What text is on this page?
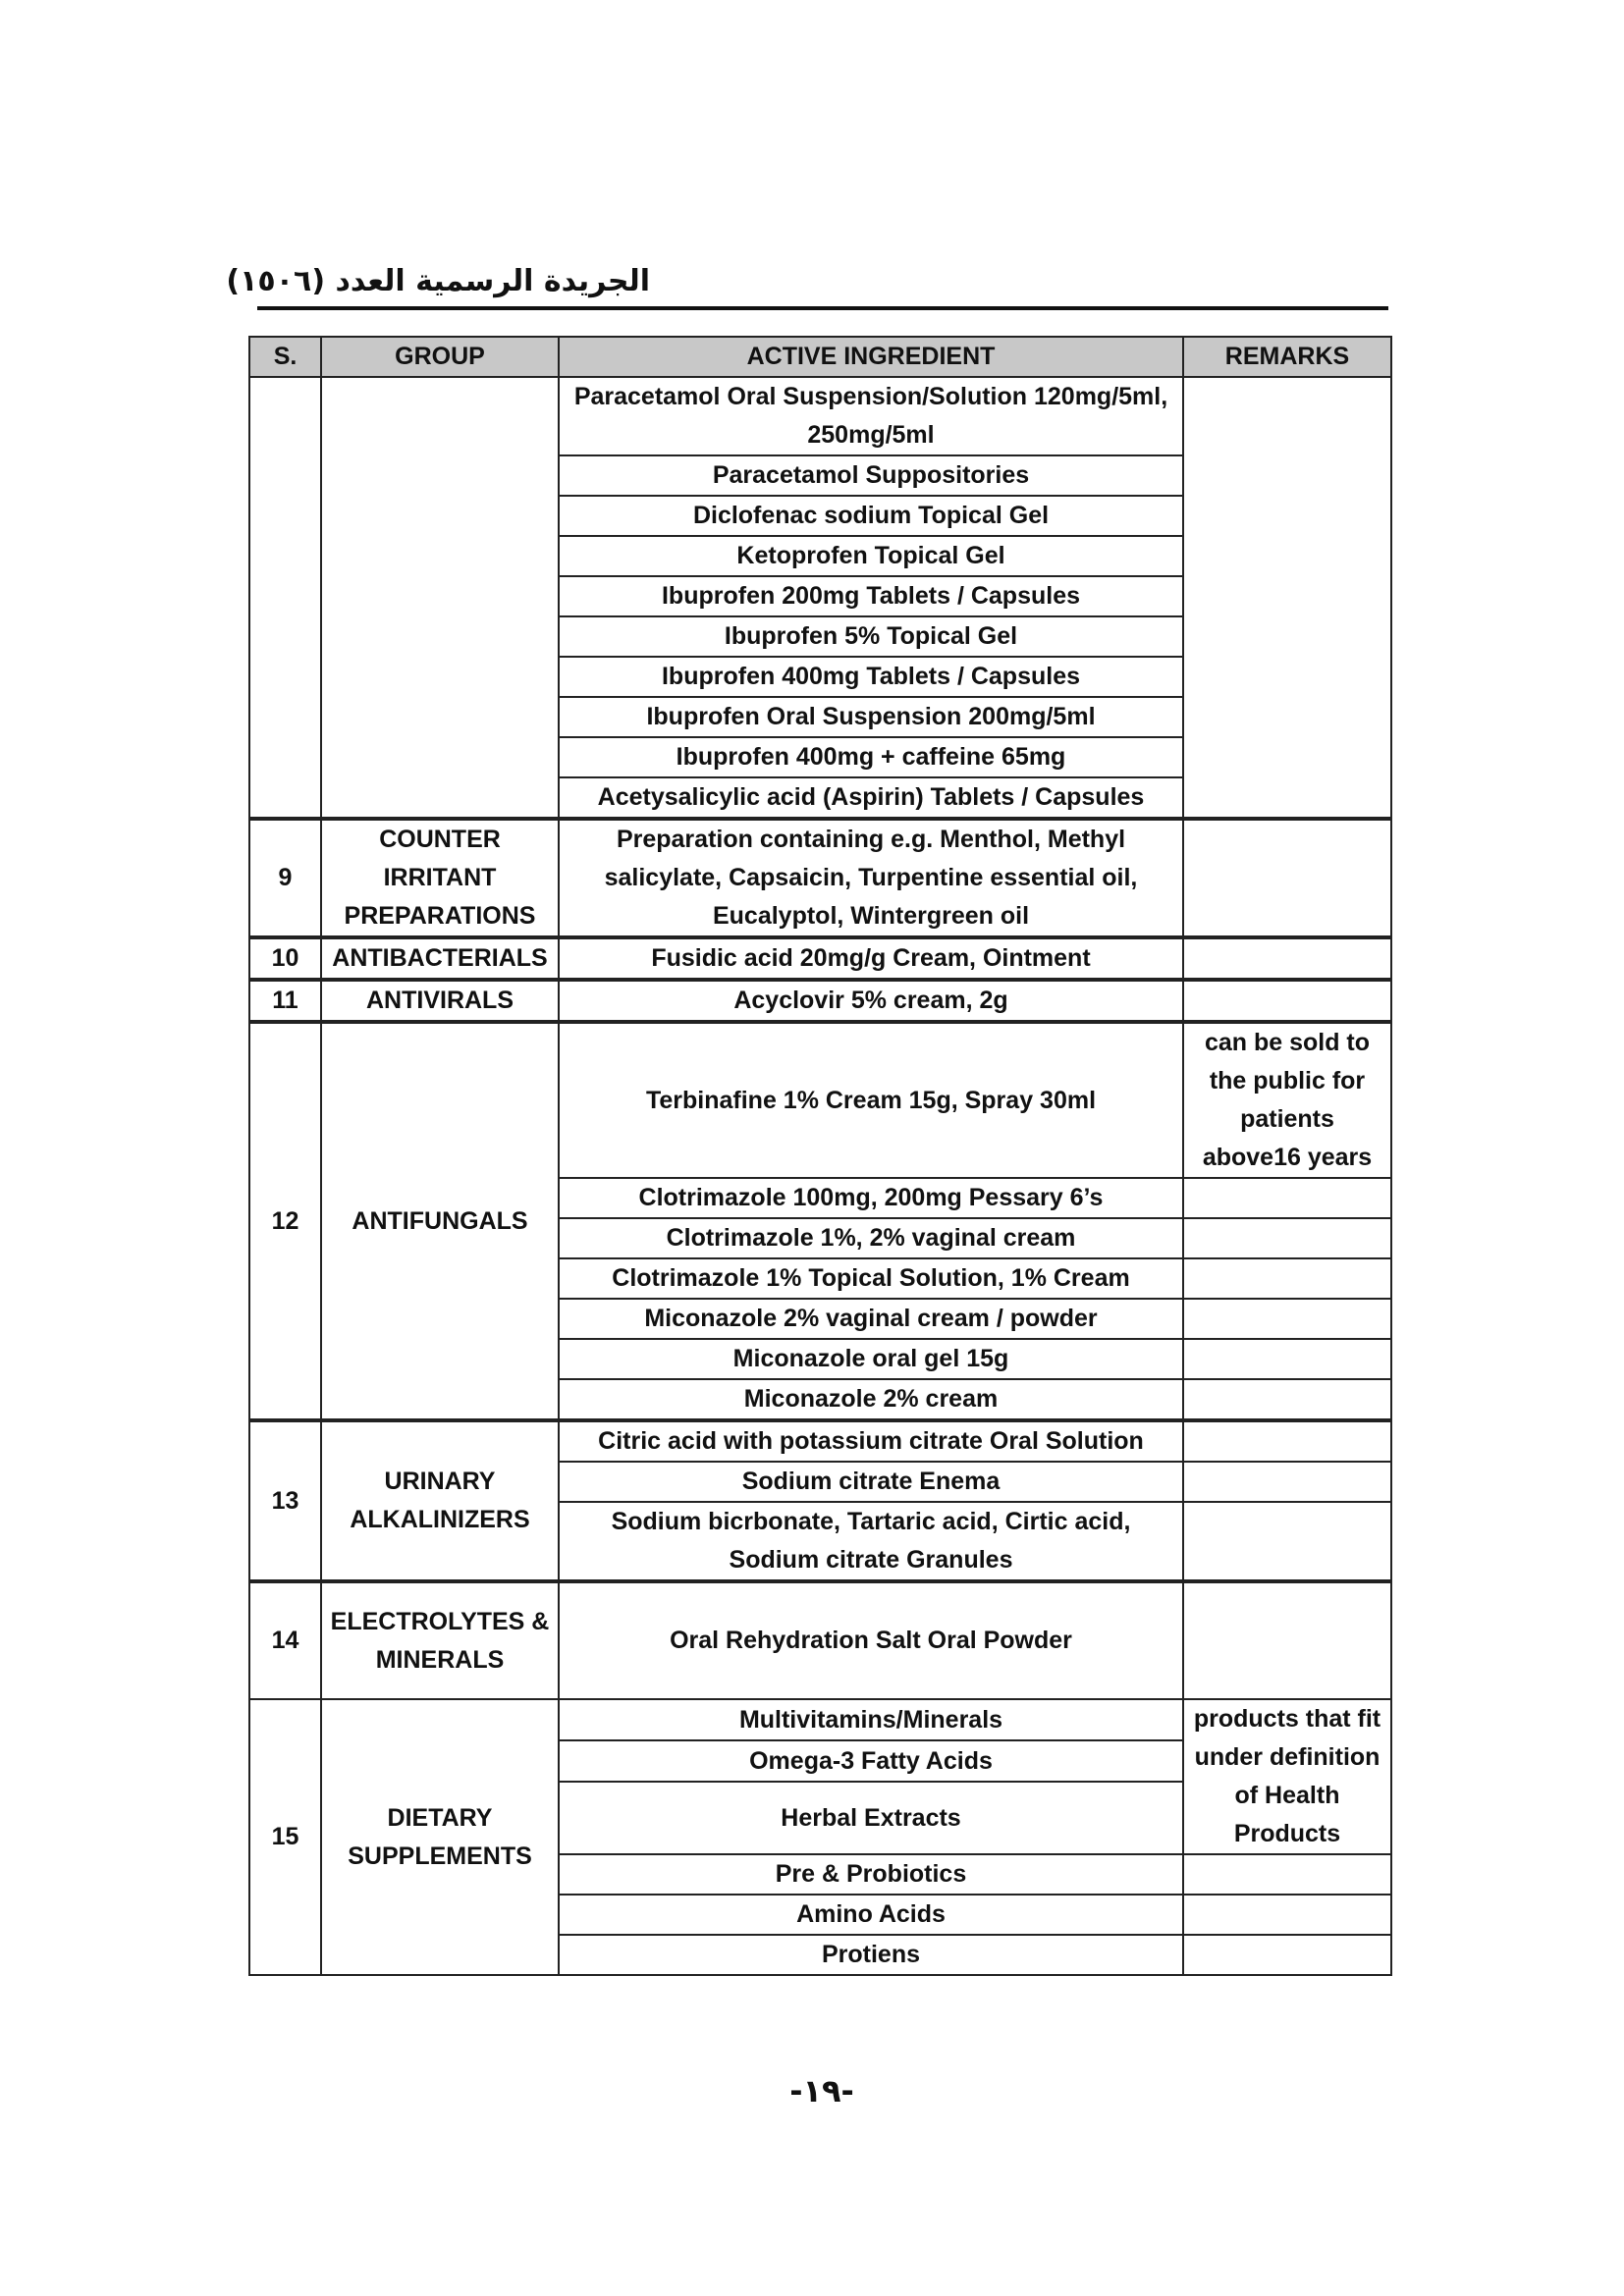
الجريدة الرسمية العدد (١٥٠٦)
S.	GROUP	ACTIVE INGREDIENT	REMARKS
		Paracetamol Oral Suspension/Solution 120mg/5ml, 250mg/5ml	
		Paracetamol Suppositories	
		Diclofenac sodium Topical Gel	
		Ketoprofen Topical Gel	
		Ibuprofen 200mg Tablets / Capsules	
		Ibuprofen 5% Topical Gel	
		Ibuprofen 400mg Tablets / Capsules	
		Ibuprofen Oral Suspension 200mg/5ml	
		Ibuprofen 400mg + caffeine 65mg	
		Acetysalicylic acid (Aspirin) Tablets / Capsules	
9	COUNTER IRRITANT PREPARATIONS	Preparation containing e.g. Menthol, Methyl salicylate, Capsaicin, Turpentine essential oil, Eucalyptol, Wintergreen oil	
10	ANTIBACTERIALS	Fusidic acid 20mg/g Cream, Ointment	
11	ANTIVIRALS	Acyclovir 5% cream, 2g	
12	ANTIFUNGALS	Terbinafine 1% Cream 15g, Spray 30ml	can be sold to the public for patients above16 years
		Clotrimazole 100mg, 200mg Pessary 6’s	
		Clotrimazole 1%, 2% vaginal cream	
		Clotrimazole 1% Topical Solution, 1% Cream	
		Miconazole 2% vaginal cream / powder	
		Miconazole oral gel 15g	
		Miconazole 2% cream	
13	URINARY ALKALINIZERS	Citric acid with potassium citrate Oral Solution	
		Sodium citrate Enema	
		Sodium bicrbonate, Tartaric acid, Cirtic acid, Sodium citrate Granules	
14	ELECTROLYTES & MINERALS	Oral Rehydration Salt Oral Powder	
15	DIETARY SUPPLEMENTS	Multivitamins/Minerals	products that fit under definition of Health Products
		Omega-3 Fatty Acids	
		Herbal Extracts	
		Pre & Probiotics	
		Amino Acids	
		Protiens	
-١٩-
